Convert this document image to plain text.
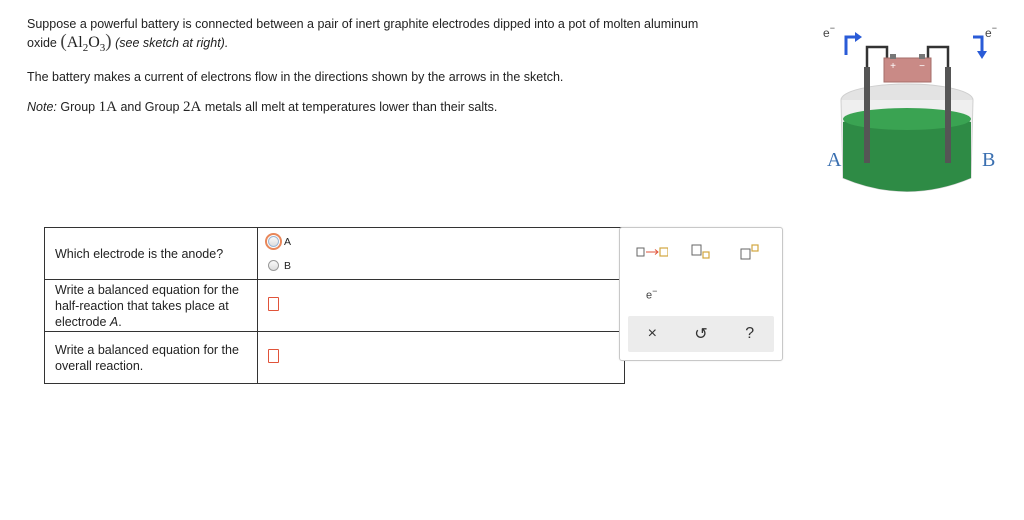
Suppose a powerful battery is connected between a pair of inert graphite electrodes dipped into a pot of molten aluminum
oxide $(Al_2O_3)$ (see sketch at right).
The battery makes a current of electrons flow in the directions shown by the arrows in the sketch.
Note: Group 1A and Group 2A metals all melt at temperatures lower than their salts.
Which electrode is the anode?	A
B

Write a balanced equation for the half-reaction that takes place at electrode A.	
Write a balanced equation for the overall reaction.	
e−
×	↺	?
+ −
e−	e−
A	B
